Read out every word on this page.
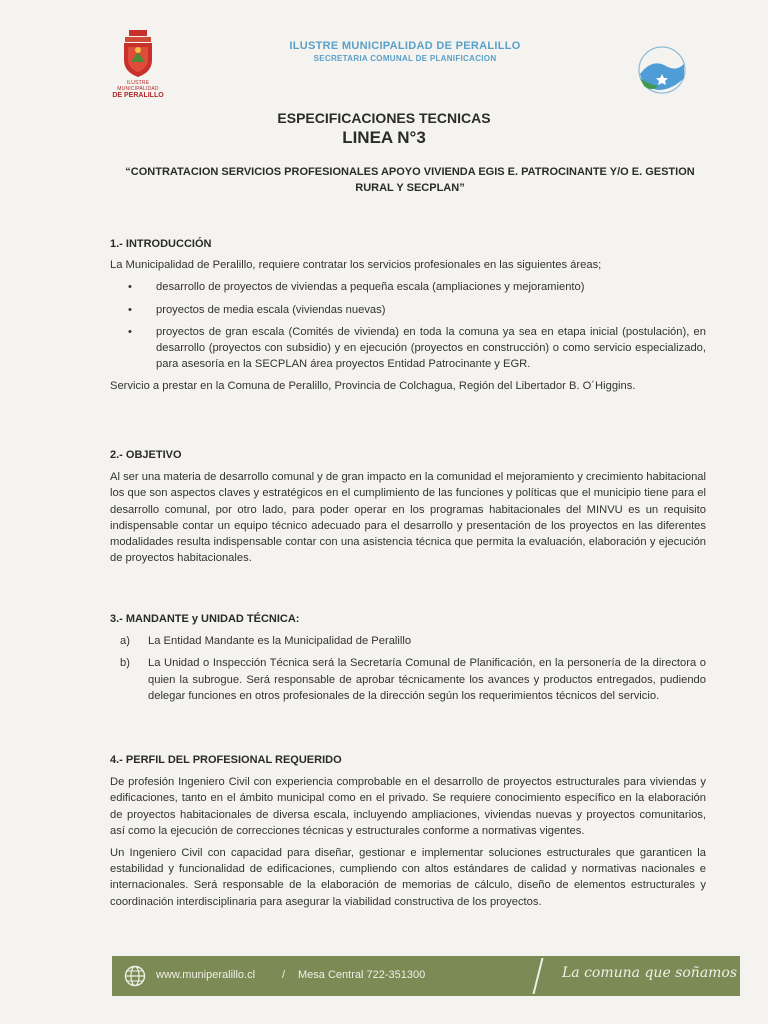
ILUSTRE MUNICIPALIDAD
DE PERALILLO
ILUSTRE MUNICIPALIDAD DE PERALILLO
SECRETARIA COMUNAL DE PLANIFICACION
ESPECIFICACIONES TECNICAS
LINEA N°3
“CONTRATACION SERVICIOS PROFESIONALES APOYO VIVIENDA EGIS E. PATROCINANTE Y/O E. GESTION RURAL Y SECPLAN”

1.- INTRODUCCIÓN

La Municipalidad de Peralillo, requiere contratar los servicios profesionales en las siguientes áreas;

• desarrollo de proyectos de viviendas a pequeña escala (ampliaciones y mejoramiento)
• proyectos de media escala (viviendas nuevas)
• proyectos de gran escala (Comités de vivienda) en toda la comuna ya sea en etapa inicial (postulación), en desarrollo (proyectos con subsidio) y en ejecución (proyectos en construcción) o como servicio especializado, para asesoría en la SECPLAN área proyectos Entidad Patrocinante y EGR.

Servicio a prestar en la Comuna de Peralillo, Provincia de Colchagua, Región del Libertador B. O´Higgins.

2.- OBJETIVO

Al ser una materia de desarrollo comunal y de gran impacto en la comunidad el mejoramiento y crecimiento habitacional los que son aspectos claves y estratégicos en el cumplimiento de las funciones y políticas que el municipio tiene para el desarrollo comunal, por otro lado, para poder operar en los programas habitacionales del MINVU es un requisito indispensable contar un equipo técnico adecuado para el desarrollo y presentación de los proyectos en las diferentes modalidades resulta indispensable contar con una asistencia técnica que permita la evaluación, elaboración y ejecución de proyectos habitacionales.

3.- MANDANTE y UNIDAD TÉCNICA:

a) La Entidad Mandante es la Municipalidad de Peralillo
b) La Unidad o Inspección Técnica será la Secretaría Comunal de Planificación, en la personería de la directora o quien la subrogue. Será responsable de aprobar técnicamente los avances y productos entregados, pudiendo delegar funciones en otros profesionales de la dirección según los requerimientos técnicos del servicio.

4.- PERFIL DEL PROFESIONAL REQUERIDO

De profesión Ingeniero Civil con experiencia comprobable en el desarrollo de proyectos estructurales para viviendas y edificaciones, tanto en el ámbito municipal como en el privado. Se requiere conocimiento específico en la elaboración de proyectos habitacionales de diversa escala, incluyendo ampliaciones, viviendas nuevas y proyectos comunitarios, así como la ejecución de correcciones técnicas y estructurales conforme a normativas vigentes.

Un Ingeniero Civil con capacidad para diseñar, gestionar e implementar soluciones estructurales que garanticen la estabilidad y funcionalidad de edificaciones, cumpliendo con altos estándares de calidad y normativas nacionales e internacionales. Será responsable de la elaboración de memorias de cálculo, diseño de elementos estructurales y coordinación interdisciplinaria para asegurar la viabilidad constructiva de los proyectos.

www.muniperalillo.cl / Mesa Central 722-351300	La comuna que soñamos
